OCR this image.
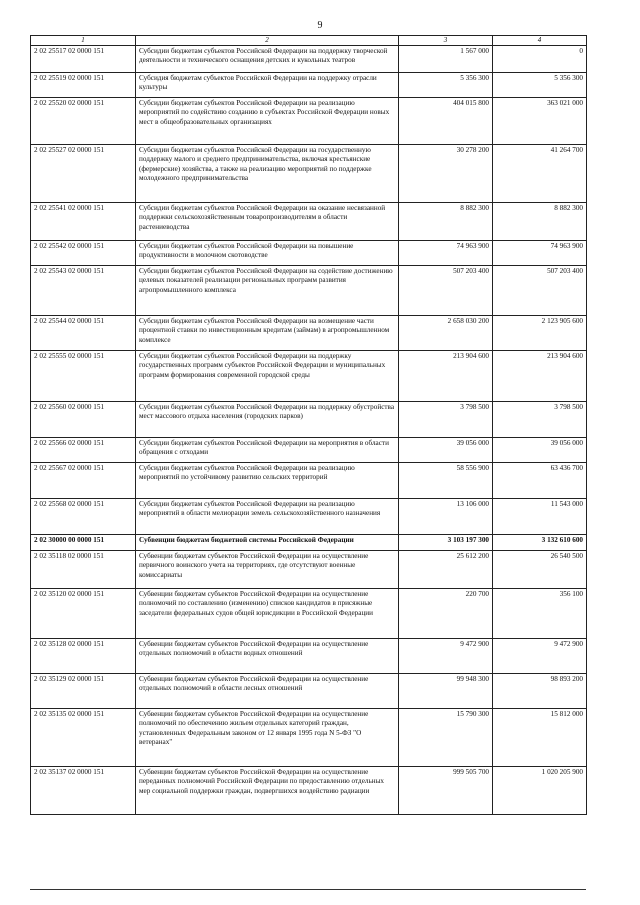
9
1	2	3	4
2 02 25517 02 0000 151	Субсидии бюджетам субъектов Российской Федерации на поддержку творческой деятельности и технического оснащения детских и кукольных театров	1 567 000	0
2 02 25519 02 0000 151	Субсидия бюджетам субъектов Российской Федерации на поддержку отрасли культуры	5 356 300	5 356 300
2 02 25520 02 0000 151	Субсидии бюджетам субъектов Российской Федерации на реализацию мероприятий по содействию созданию в субъектах Российской Федерации новых мест в общеобразовательных организациях	404 015 800	363 021 000
2 02 25527 02 0000 151	Субсидии бюджетам субъектов Российской Федерации на государственную поддержку малого и среднего предпринимательства, включая крестьянские (фермерские) хозяйства, а также на реализацию мероприятий по поддержке молодежного предпринимательства	30 278 200	41 264 700
2 02 25541 02 0000 151	Субсидии бюджетам субъектов Российской Федерации на оказание несвязанной поддержки сельскохозяйственным товаропроизводителям в области растениеводства	8 882 300	8 882 300
2 02 25542 02 0000 151	Субсидии бюджетам субъектов Российской Федерации на повышение продуктивности в молочном скотоводстве	74 963 900	74 963 900
2 02 25543 02 0000 151	Субсидии бюджетам субъектов Российской Федерации на содействие достижению целевых показателей реализации региональных программ развития агропромышленного комплекса	507 203 400	507 203 400
2 02 25544 02 0000 151	Субсидии бюджетам субъектов Российской Федерации на возмещение части процентной ставки по инвестиционным кредитам (займам) в агропромышленном комплексе	2 658 030 200	2 123 905 600
2 02 25555 02 0000 151	Субсидии бюджетам субъектов Российской Федерации на поддержку государственных программ субъектов Российской Федерации и муниципальных программ формирования современной городской среды	213 904 600	213 904 600
2 02 25560 02 0000 151	Субсидии бюджетам субъектов Российской Федерации на поддержку обустройства мест массового отдыха населения (городских парков)	3 798 500	3 798 500
2 02 25566 02 0000 151	Субсидии бюджетам субъектов Российской Федерации на мероприятия в области обращения с отходами	39 056 000	39 056 000
2 02 25567 02 0000 151	Субсидии бюджетам субъектов Российской Федерации на реализацию мероприятий по устойчивому развитию сельских территорий	58 556 900	63 436 700
2 02 25568 02 0000 151	Субсидии бюджетам субъектов Российской Федерации на реализацию мероприятий в области мелиорации земель сельскохозяйственного назначения	13 106 000	11 543 000
2 02 30000 00 0000 151	Субвенции бюджетам бюджетной системы Российской Федерации	3 103 197 300	3 132 610 600
2 02 35118 02 0000 151	Субвенции бюджетам субъектов Российской Федерации на осуществление первичного воинского учета на территориях, где отсутствуют военные комиссариаты	25 612 200	26 540 500
2 02 35120 02 0000 151	Субвенции бюджетам субъектов Российской Федерации на осуществление полномочий по составлению (изменению) списков кандидатов в присяжные заседатели федеральных судов общей юрисдикции в Российской Федерации	220 700	356 100
2 02 35128 02 0000 151	Субвенции бюджетам субъектов Российской Федерации на осуществление отдельных полномочий в области водных отношений	9 472 900	9 472 900
2 02 35129 02 0000 151	Субвенции бюджетам субъектов Российской Федерации на осуществление отдельных полномочий в области лесных отношений	99 948 300	98 893 200
2 02 35135 02 0000 151	Субвенции бюджетам субъектов Российской Федерации на осуществление полномочий по обеспечению жильем отдельных категорий граждан, установленных Федеральным законом от 12 января 1995 года N 5-ФЗ "О ветеранах"	15 790 300	15 812 000
2 02 35137 02 0000 151	Субвенции бюджетам субъектов Российской Федерации на осуществление переданных полномочий Российской Федерации по предоставлению отдельных мер социальной поддержки граждан, подвергшихся воздействию радиации	999 505 700	1 020 205 900
